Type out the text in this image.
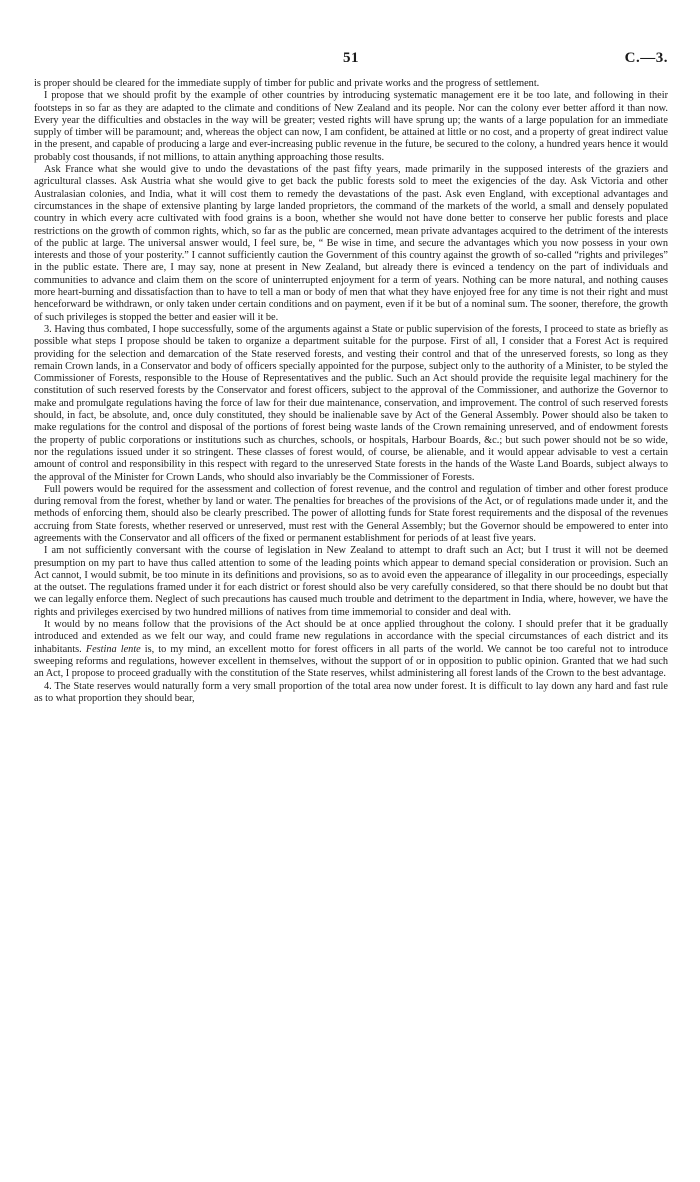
51	C.—3.

is proper should be cleared for the immediate supply of timber for public and private works and the progress of settlement.

I propose that we should profit by the example of other countries by introducing systematic management ere it be too late, and following in their footsteps in so far as they are adapted to the climate and conditions of New Zealand and its people. Nor can the colony ever better afford it than now. Every year the difficulties and obstacles in the way will be greater; vested rights will have sprung up; the wants of a large population for an immediate supply of timber will be paramount; and, whereas the object can now, I am confident, be attained at little or no cost, and a property of great indirect value in the present, and capable of producing a large and ever-increasing public revenue in the future, be secured to the colony, a hundred years hence it would probably cost thousands, if not millions, to attain anything approaching those results.

Ask France what she would give to undo the devastations of the past fifty years, made primarily in the supposed interests of the graziers and agricultural classes. Ask Austria what she would give to get back the public forests sold to meet the exigencies of the day. Ask Victoria and other Australasian colonies, and India, what it will cost them to remedy the devastations of the past. Ask even England, with exceptional advantages and circumstances in the shape of extensive planting by large landed proprietors, the command of the markets of the world, a small and densely populated country in which every acre cultivated with food grains is a boon, whether she would not have done better to conserve her public forests and place restrictions on the growth of common rights, which, so far as the public are concerned, mean private advantages acquired to the detriment of the interests of the public at large. The universal answer would, I feel sure, be, “ Be wise in time, and secure the advantages which you now possess in your own interests and those of your posterity.” I cannot sufficiently caution the Government of this country against the growth of so-called “rights and privileges” in the public estate. There are, I may say, none at present in New Zealand, but already there is evinced a tendency on the part of individuals and communities to advance and claim them on the score of uninterrupted enjoyment for a term of years. Nothing can be more natural, and nothing causes more heart-burning and dissatisfaction than to have to tell a man or body of men that what they have enjoyed free for any time is not their right and must henceforward be withdrawn, or only taken under certain conditions and on payment, even if it be but of a nominal sum. The sooner, therefore, the growth of such privileges is stopped the better and easier will it be.

3. Having thus combated, I hope successfully, some of the arguments against a State or public supervision of the forests, I proceed to state as briefly as possible what steps I propose should be taken to organize a department suitable for the purpose. First of all, I consider that a Forest Act is required providing for the selection and demarcation of the State reserved forests, and vesting their control and that of the unreserved forests, so long as they remain Crown lands, in a Conservator and body of officers specially appointed for the purpose, subject only to the authority of a Minister, to be styled the Commissioner of Forests, responsible to the House of Representatives and the public. Such an Act should provide the requisite legal machinery for the constitution of such reserved forests by the Conservator and forest officers, subject to the approval of the Commissioner, and authorize the Governor to make and promulgate regulations having the force of law for their due maintenance, conservation, and improvement. The control of such reserved forests should, in fact, be absolute, and, once duly constituted, they should be inalienable save by Act of the General Assembly. Power should also be taken to make regulations for the control and disposal of the portions of forest being waste lands of the Crown remaining unreserved, and of endowment forests the property of public corporations or institutions such as churches, schools, or hospitals, Harbour Boards, &c.; but such power should not be so wide, nor the regulations issued under it so stringent. These classes of forest would, of course, be alienable, and it would appear advisable to vest a certain amount of control and responsibility in this respect with regard to the unreserved State forests in the hands of the Waste Land Boards, subject always to the approval of the Minister for Crown Lands, who should also invariably be the Commissioner of Forests.

Full powers would be required for the assessment and collection of forest revenue, and the control and regulation of timber and other forest produce during removal from the forest, whether by land or water. The penalties for breaches of the provisions of the Act, or of regulations made under it, and the methods of enforcing them, should also be clearly prescribed. The power of allotting funds for State forest requirements and the disposal of the revenues accruing from State forests, whether reserved or unreserved, must rest with the General Assembly; but the Governor should be empowered to enter into agreements with the Conservator and all officers of the fixed or permanent establishment for periods of at least five years.

I am not sufficiently conversant with the course of legislation in New Zealand to attempt to draft such an Act; but I trust it will not be deemed presumption on my part to have thus called attention to some of the leading points which appear to demand special consideration or provision. Such an Act cannot, I would submit, be too minute in its definitions and provisions, so as to avoid even the appearance of illegality in our proceedings, especially at the outset. The regulations framed under it for each district or forest should also be very carefully considered, so that there should be no doubt but that we can legally enforce them. Neglect of such precautions has caused much trouble and detriment to the department in India, where, however, we have the rights and privileges exercised by two hundred millions of natives from time immemorial to consider and deal with.

It would by no means follow that the provisions of the Act should be at once applied throughout the colony. I should prefer that it be gradually introduced and extended as we felt our way, and could frame new regulations in accordance with the special circumstances of each district and its inhabitants. Festina lente is, to my mind, an excellent motto for forest officers in all parts of the world. We cannot be too careful not to introduce sweeping reforms and regulations, however excellent in themselves, without the support of or in opposition to public opinion. Granted that we had such an Act, I propose to proceed gradually with the constitution of the State reserves, whilst administering all forest lands of the Crown to the best advantage.

4. The State reserves would naturally form a very small proportion of the total area now under forest. It is difficult to lay down any hard and fast rule as to what proportion they should bear,
